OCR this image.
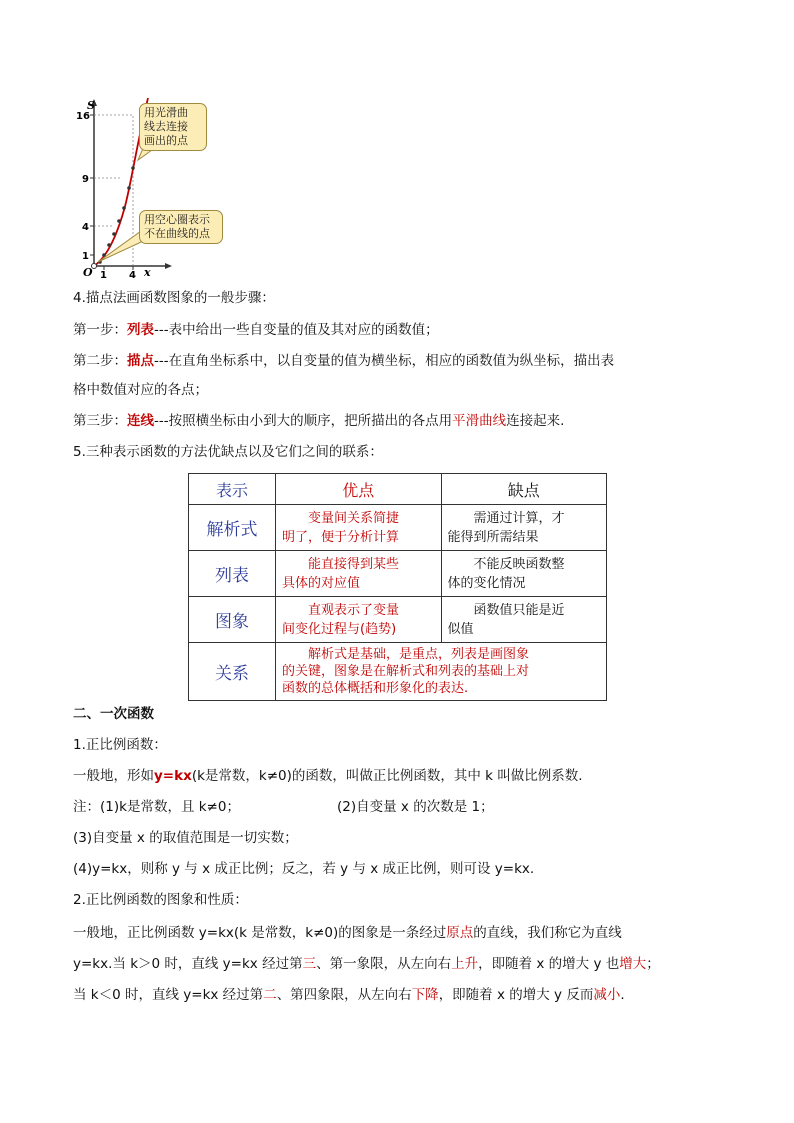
S
16
9
4
1
O 1 4 x
用光滑曲
线去连接
画出的点
用空心圈表示
不在曲线的点
4.描点法画函数图象的一般步骤：
第一步：列表---表中给出一些自变量的值及其对应的函数值；
第二步：描点---在直角坐标系中，以自变量的值为横坐标，相应的函数值为纵坐标，描出表
格中数值对应的各点；
第三步：连线---按照横坐标由小到大的顺序，把所描出的各点用平滑曲线连接起来.
5.三种表示函数的方法优缺点以及它们之间的联系：
表示	优点	缺点
解析式	变量间关系简捷
明了，便于分析计算	需通过计算，才
能得到所需结果

列表	能直接得到某些
具体的对应值	不能反映函数整
体的变化情况

图象	直观表示了变量
间变化过程与(趋势)	函数值只能是近
似值

关系	解析式是基础，是重点，列表是画图象
的关键，图象是在解析式和列表的基础上对
函数的总体概括和形象化的表达.	
二、一次函数
1.正比例函数：
一般地，形如y=kx(k是常数，k≠0)的函数，叫做正比例函数，其中 k 叫做比例系数.
注：(1)k是常数，且 k≠0；	(2)自变量 x 的次数是 1；
(3)自变量 x 的取值范围是一切实数；
(4)y=kx，则称 y 与 x 成正比例；反之，若 y 与 x 成正比例，则可设 y=kx.
2.正比例函数的图象和性质：
一般地，正比例函数 y=kx(k 是常数，k≠0)的图象是一条经过原点的直线，我们称它为直线
y=kx.当 k＞0 时，直线 y=kx 经过第三、第一象限，从左向右上升，即随着 x 的增大 y 也增大；
当 k＜0 时，直线 y=kx 经过第二、第四象限，从左向右下降，即随着 x 的增大 y 反而减小.
